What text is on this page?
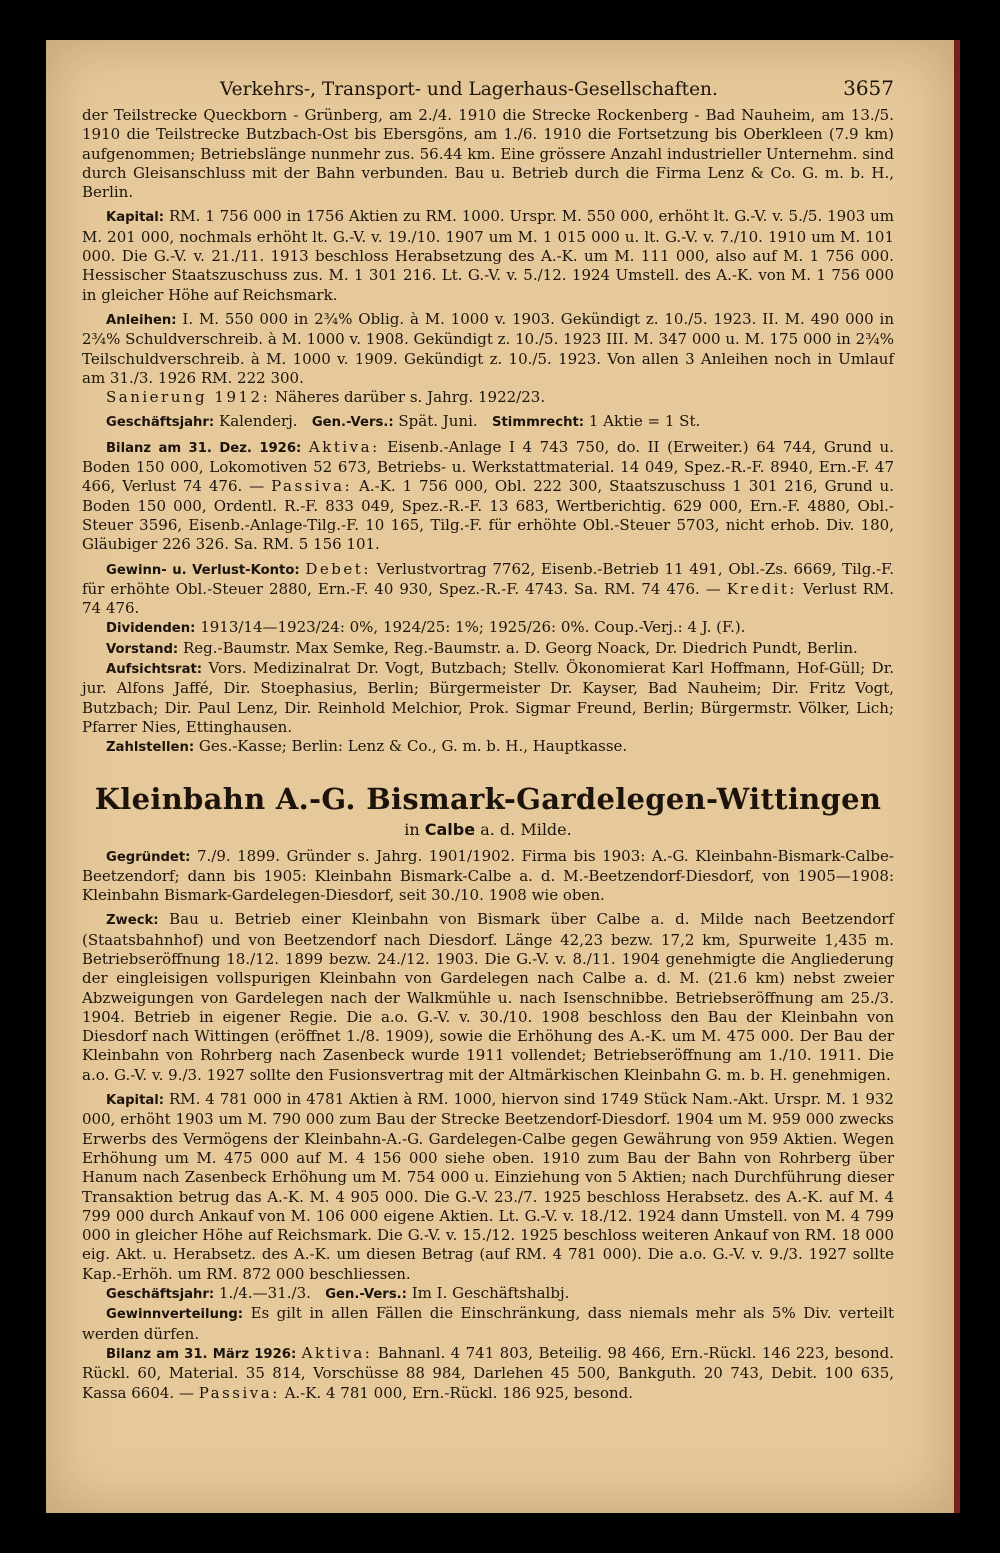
Verkehrs-, Transport- und Lagerhaus-Gesellschaften.	3657

der Teilstrecke Queckborn - Grünberg, am 2./4. 1910 die Strecke Rockenberg - Bad Nauheim, am 13./5. 1910 die Teilstrecke Butzbach-Ost bis Ebersgöns, am 1./6. 1910 die Fortsetzung bis Oberkleen (7.9 km) aufgenommen; Betriebslänge nunmehr zus. 56.44 km. Eine grössere Anzahl industrieller Unternehm. sind durch Gleisanschluss mit der Bahn verbunden. Bau u. Betrieb durch die Firma Lenz & Co. G. m. b. H., Berlin.

Kapital: RM. 1 756 000 in 1756 Aktien zu RM. 1000. Urspr. M. 550 000, erhöht lt. G.-V. v. 5./5. 1903 um M. 201 000, nochmals erhöht lt. G.-V. v. 19./10. 1907 um M. 1 015 000 u. lt. G.-V. v. 7./10. 1910 um M. 101 000. Die G.-V. v. 21./11. 1913 beschloss Herabsetzung des A.-K. um M. 111 000, also auf M. 1 756 000. Hessischer Staatszuschuss zus. M. 1 301 216. Lt. G.-V. v. 5./12. 1924 Umstell. des A.-K. von M. 1 756 000 in gleicher Höhe auf Reichsmark.

Anleihen: I. M. 550 000 in 2¾% Oblig. à M. 1000 v. 1903. Gekündigt z. 10./5. 1923. II. M. 490 000 in 2¾% Schuldverschreib. à M. 1000 v. 1908. Gekündigt z. 10./5. 1923 III. M. 347 000 u. M. 175 000 in 2¾% Teilschuldverschreib. à M. 1000 v. 1909. Gekündigt z. 10./5. 1923. Von allen 3 Anleihen noch in Umlauf am 31./3. 1926 RM. 222 300.

Sanierung 1912: Näheres darüber s. Jahrg. 1922/23.

Geschäftsjahr: Kalenderj. Gen.-Vers.: Spät. Juni. Stimmrecht: 1 Aktie = 1 St.

Bilanz am 31. Dez. 1926: Aktiva: Eisenb.-Anlage I 4 743 750, do. II (Erweiter.) 64 744, Grund u. Boden 150 000, Lokomotiven 52 673, Betriebs- u. Werkstattmaterial. 14 049, Spez.-R.-F. 8940, Ern.-F. 47 466, Verlust 74 476. — Passiva: A.-K. 1 756 000, Obl. 222 300, Staatszuschuss 1 301 216, Grund u. Boden 150 000, Ordentl. R.-F. 833 049, Spez.-R.-F. 13 683, Wertberichtig. 629 000, Ern.-F. 4880, Obl.-Steuer 3596, Eisenb.-Anlage-Tilg.-F. 10 165, Tilg.-F. für erhöhte Obl.-Steuer 5703, nicht erhob. Div. 180, Gläubiger 226 326. Sa. RM. 5 156 101.

Gewinn- u. Verlust-Konto: Debet: Verlustvortrag 7762, Eisenb.-Betrieb 11 491, Obl.-Zs. 6669, Tilg.-F. für erhöhte Obl.-Steuer 2880, Ern.-F. 40 930, Spez.-R.-F. 4743. Sa. RM. 74 476. — Kredit: Verlust RM. 74 476.

Dividenden: 1913/14—1923/24: 0%, 1924/25: 1%; 1925/26: 0%. Coup.-Verj.: 4 J. (F.).

Vorstand: Reg.-Baumstr. Max Semke, Reg.-Baumstr. a. D. Georg Noack, Dr. Diedrich Pundt, Berlin.

Aufsichtsrat: Vors. Medizinalrat Dr. Vogt, Butzbach; Stellv. Ökonomierat Karl Hoffmann, Hof-Güll; Dr. jur. Alfons Jaffé, Dir. Stoephasius, Berlin; Bürgermeister Dr. Kayser, Bad Nauheim; Dir. Fritz Vogt, Butzbach; Dir. Paul Lenz, Dir. Reinhold Melchior, Prok. Sigmar Freund, Berlin; Bürgermstr. Völker, Lich; Pfarrer Nies, Ettinghausen.

Zahlstellen: Ges.-Kasse; Berlin: Lenz & Co., G. m. b. H., Hauptkasse.

Kleinbahn A.-G. Bismark-Gardelegen-Wittingen
in Calbe a. d. Milde.

Gegründet: 7./9. 1899. Gründer s. Jahrg. 1901/1902. Firma bis 1903: A.-G. Kleinbahn-Bismark-Calbe-Beetzendorf; dann bis 1905: Kleinbahn Bismark-Calbe a. d. M.-Beetzendorf-Diesdorf, von 1905—1908: Kleinbahn Bismark-Gardelegen-Diesdorf, seit 30./10. 1908 wie oben.

Zweck: Bau u. Betrieb einer Kleinbahn von Bismark über Calbe a. d. Milde nach Beetzendorf (Staatsbahnhof) und von Beetzendorf nach Diesdorf. Länge 42,23 bezw. 17,2 km, Spurweite 1,435 m. Betriebseröffnung 18./12. 1899 bezw. 24./12. 1903. Die G.-V. v. 8./11. 1904 genehmigte die Angliederung der eingleisigen vollspurigen Kleinbahn von Gardelegen nach Calbe a. d. M. (21.6 km) nebst zweier Abzweigungen von Gardelegen nach der Walkmühle u. nach Isenschnibbe. Betriebseröffnung am 25./3. 1904. Betrieb in eigener Regie. Die a.o. G.-V. v. 30./10. 1908 beschloss den Bau der Kleinbahn von Diesdorf nach Wittingen (eröffnet 1./8. 1909), sowie die Erhöhung des A.-K. um M. 475 000. Der Bau der Kleinbahn von Rohrberg nach Zasenbeck wurde 1911 vollendet; Betriebseröffnung am 1./10. 1911. Die a.o. G.-V. v. 9./3. 1927 sollte den Fusionsvertrag mit der Altmärkischen Kleinbahn G. m. b. H. genehmigen.

Kapital: RM. 4 781 000 in 4781 Aktien à RM. 1000, hiervon sind 1749 Stück Nam.-Akt. Urspr. M. 1 932 000, erhöht 1903 um M. 790 000 zum Bau der Strecke Beetzendorf-Diesdorf. 1904 um M. 959 000 zwecks Erwerbs des Vermögens der Kleinbahn-A.-G. Gardelegen-Calbe gegen Gewährung von 959 Aktien. Wegen Erhöhung um M. 475 000 auf M. 4 156 000 siehe oben. 1910 zum Bau der Bahn von Rohrberg über Hanum nach Zasenbeck Erhöhung um M. 754 000 u. Einziehung von 5 Aktien; nach Durchführung dieser Transaktion betrug das A.-K. M. 4 905 000. Die G.-V. 23./7. 1925 beschloss Herabsetz. des A.-K. auf M. 4 799 000 durch Ankauf von M. 106 000 eigene Aktien. Lt. G.-V. v. 18./12. 1924 dann Umstell. von M. 4 799 000 in gleicher Höhe auf Reichsmark. Die G.-V. v. 15./12. 1925 beschloss weiteren Ankauf von RM. 18 000 eig. Akt. u. Herabsetz. des A.-K. um diesen Betrag (auf RM. 4 781 000). Die a.o. G.-V. v. 9./3. 1927 sollte Kap.-Erhöh. um RM. 872 000 beschliessen.

Geschäftsjahr: 1./4.—31./3. Gen.-Vers.: Im I. Geschäftshalbj.

Gewinnverteilung: Es gilt in allen Fällen die Einschränkung, dass niemals mehr als 5% Div. verteilt werden dürfen.

Bilanz am 31. März 1926: Aktiva: Bahnanl. 4 741 803, Beteilig. 98 466, Ern.-Rückl. 146 223, besond. Rückl. 60, Material. 35 814, Vorschüsse 88 984, Darlehen 45 500, Bankguth. 20 743, Debit. 100 635, Kassa 6604. — Passiva: A.-K. 4 781 000, Ern.-Rückl. 186 925, besond.
